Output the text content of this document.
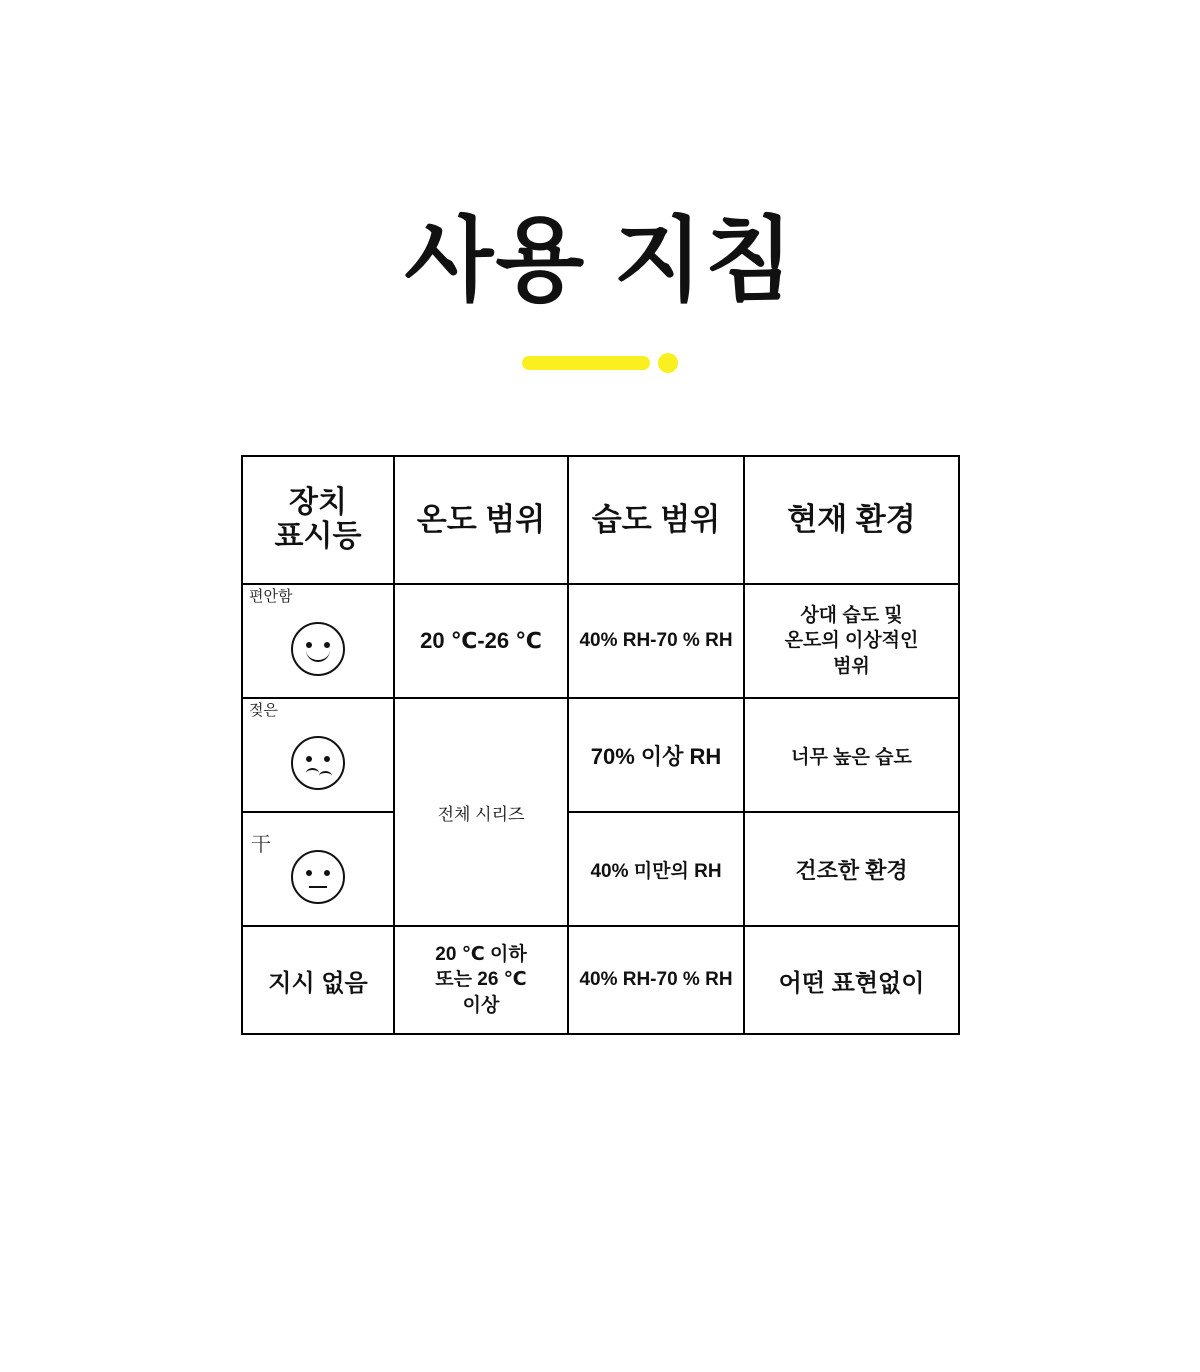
사용 지침
장치
표시등	온도 범위	습도 범위	현재 환경

편안함	20 ℃-26 ℃	40% RH-70 % RH	상대 습도 및
온도의 이상적인
범위

젖은	전체 시리즈	70% 이상 RH	너무 높은 습도

干		40% 미만의 RH	건조한 환경
지시 없음	20 ℃ 이하
또는 26 ℃
이상	40% RH-70 % RH	어떤 표현없이
